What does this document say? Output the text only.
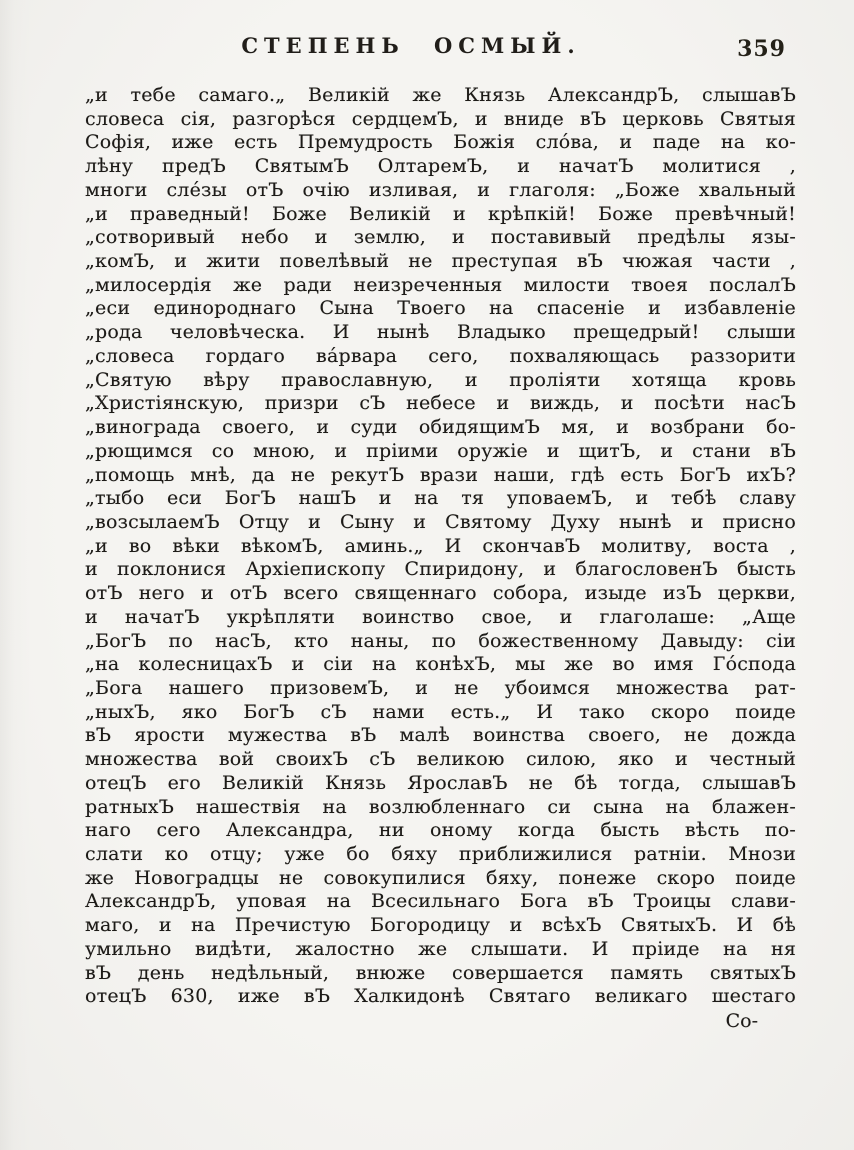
СТЕПЕНЬ ОСМЫЙ.	359
„и тебе самаго.„ Великій же Князь АлександрЪ, слышавЪ
словеса сія, разгорѣся сердцемЪ, и вниде вЪ церковь Святыя
Софія, иже есть Премудрость Божія сло́ва, и паде на ко-
лѣну предЪ СвятымЪ ОлтаремЪ, и начатЪ молитися ,
многи сле́зы отЪ очію изливая, и глаголя: „Боже хвальный
„и праведный! Боже Великій и крѣпкій! Боже превѣчный!
„сотворивый небо и землю, и поставивый предѣлы язы-
„комЪ, и жити повелѣвый не преступая вЪ чюжая части ,
„милосердія же ради неизреченныя милости твоея послалЪ
„еси единороднаго Сына Твоего на спасеніе и избавленіе
„рода человѣческа. И нынѣ Владыко прещедрый! слыши
„словеса гордаго ва́рвара сего, похваляющась раззорити
„Святую вѣру православную, и проліяти хотяща кровь
„Христіянскую, призри сЪ небесе и виждь, и посѣти насЪ
„винограда своего, и суди обидящимЪ мя, и возбрани бо-
„рющимся со мною, и пріими оружіе и щитЪ, и стани вЪ
„помощь мнѣ, да не рекутЪ врази наши, гдѣ есть БогЪ ихЪ?
„тыбо еси БогЪ нашЪ и на тя уповаемЪ, и тебѣ славу
„возсылаемЪ Отцу и Сыну и Святому Духу нынѣ и присно
„и во вѣки вѣкомЪ, аминь.„ И скончавЪ молитву, воста ,
и поклонися Архіепископу Спиридону, и благословенЪ бысть
отЪ него и отЪ всего священнаго собора, изыде изЪ церкви,
и начатЪ укрѣпляти воинство свое, и глаголаше: „Аще
„БогЪ по насЪ, кто наны, по божественному Давыду: сіи
„на колесницахЪ и сіи на конѣхЪ, мы же во имя Го́спода
„Бога нашего призовемЪ, и не убоимся множества рат-
„ныхЪ, яко БогЪ сЪ нами есть.„ И тако скоро поиде
вЪ ярости мужества вЪ малѣ воинства своего, не дожда
множества вой своихЪ сЪ великою силою, яко и честный
отецЪ его Великій Князь ЯрославЪ не бѣ тогда, слышавЪ
ратныхЪ нашествія на возлюбленнаго си сына на блажен-
наго сего Александра, ни оному когда бысть вѣсть по-
слати ко отцу; уже бо бяху приближилися ратніи. Мнози
же Новоградцы не совокупилися бяху, понеже скоро поиде
АлександрЪ, уповая на Всесильнаго Бога вЪ Троицы слави-
маго, и на Пречистую Богородицу и всѣхЪ СвятыхЪ. И бѣ
умильно видѣти, жалостно же слышати. И пріиде на ня
вЪ день недѣльный, внюже совершается память святыхЪ
отецЪ 630, иже вЪ Халкидонѣ Святаго великаго шестаго
Со-
